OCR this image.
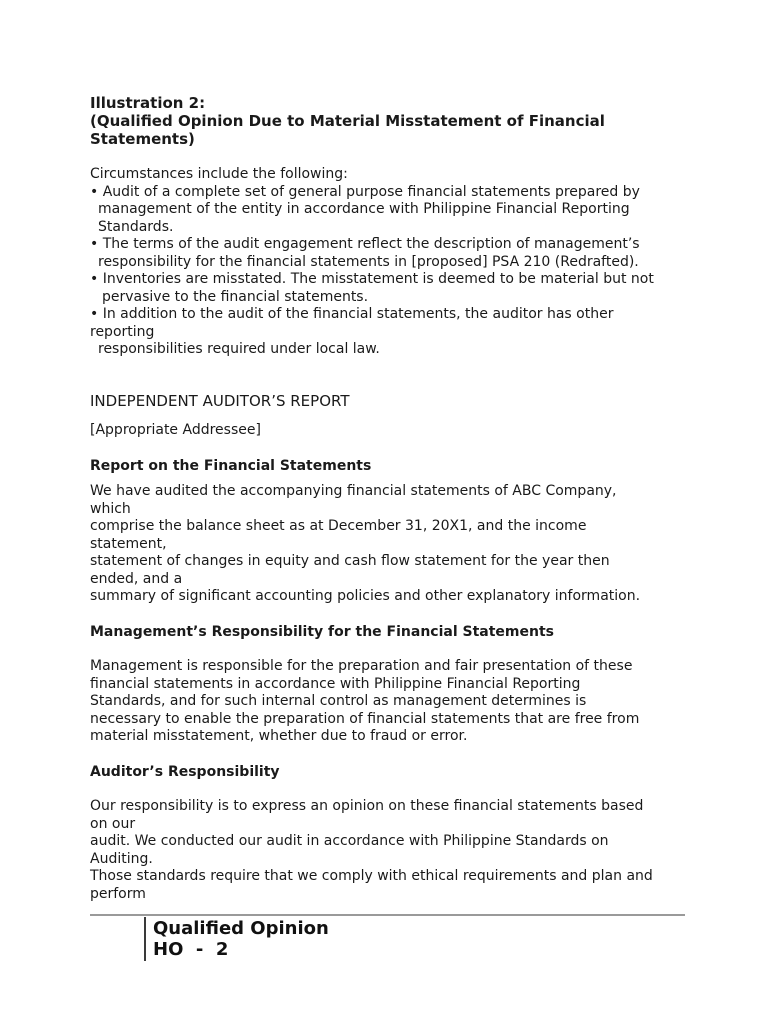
Illustration 2:
(Qualified Opinion Due to Material Misstatement of Financial
Statements)
Circumstances include the following:
• Audit of a complete set of general purpose financial statements prepared by
management of the entity in accordance with Philippine Financial Reporting
Standards.
• The terms of the audit engagement reflect the description of management’s
responsibility for the financial statements in [proposed] PSA 210 (Redrafted).
• Inventories are misstated. The misstatement is deemed to be material but not
pervasive to the financial statements.
• In addition to the audit of the financial statements, the auditor has other
reporting
responsibilities required under local law.
INDEPENDENT AUDITOR’S REPORT
[Appropriate Addressee]
Report on the Financial Statements
We have audited the accompanying financial statements of ABC Company,
which
comprise the balance sheet as at December 31, 20X1, and the income
statement,
statement of changes in equity and cash flow statement for the year then
ended, and a
summary of significant accounting policies and other explanatory information.
Management’s Responsibility for the Financial Statements
Management is responsible for the preparation and fair presentation of these
financial statements in accordance with Philippine Financial Reporting
Standards, and for such internal control as management determines is
necessary to enable the preparation of financial statements that are free from
material misstatement, whether due to fraud or error.
Auditor’s Responsibility
Our responsibility is to express an opinion on these financial statements based
on our
audit. We conducted our audit in accordance with Philippine Standards on
Auditing.
Those standards require that we comply with ethical requirements and plan and
perform
Qualified Opinion
HO  -  2
